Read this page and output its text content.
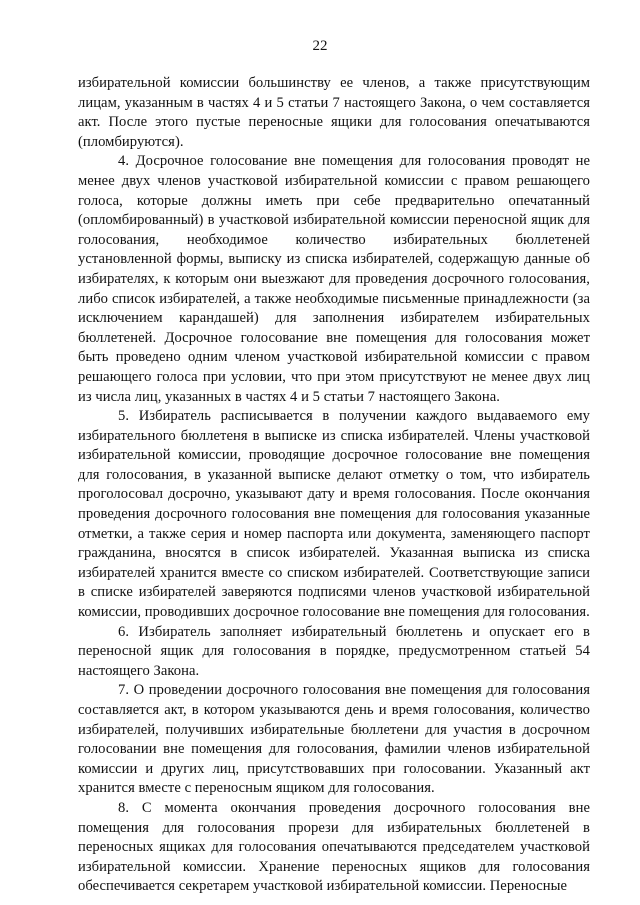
22

избирательной комиссии большинству ее членов, а также присутствующим лицам, указанным в частях 4 и 5 статьи 7 настоящего Закона, о чем составляется акт. После этого пустые переносные ящики для голосования опечатываются (пломбируются).

4. Досрочное голосование вне помещения для голосования проводят не менее двух членов участковой избирательной комиссии с правом решающего голоса, которые должны иметь при себе предварительно опечатанный (опломбированный) в участковой избирательной комиссии переносной ящик для голосования, необходимое количество избирательных бюллетеней установленной формы, выписку из списка избирателей, содержащую данные об избирателях, к которым они выезжают для проведения досрочного голосования, либо список избирателей, а также необходимые письменные принадлежности (за исключением карандашей) для заполнения избирателем избирательных бюллетеней. Досрочное голосование вне помещения для голосования может быть проведено одним членом участковой избирательной комиссии с правом решающего голоса при условии, что при этом присутствуют не менее двух лиц из числа лиц, указанных в частях 4 и 5 статьи 7 настоящего Закона.

5. Избиратель расписывается в получении каждого выдаваемого ему избирательного бюллетеня в выписке из списка избирателей. Члены участковой избирательной комиссии, проводящие досрочное голосование вне помещения для голосования, в указанной выписке делают отметку о том, что избиратель проголосовал досрочно, указывают дату и время голосования. После окончания проведения досрочного голосования вне помещения для голосования указанные отметки, а также серия и номер паспорта или документа, заменяющего паспорт гражданина, вносятся в список избирателей. Указанная выписка из списка избирателей хранится вместе со списком избирателей. Соответствующие записи в списке избирателей заверяются подписями членов участковой избирательной комиссии, проводивших досрочное голосование вне помещения для голосования.

6. Избиратель заполняет избирательный бюллетень и опускает его в переносной ящик для голосования в порядке, предусмотренном статьей 54 настоящего Закона.

7. О проведении досрочного голосования вне помещения для голосования составляется акт, в котором указываются день и время голосования, количество избирателей, получивших избирательные бюллетени для участия в досрочном голосовании вне помещения для голосования, фамилии членов избирательной комиссии и других лиц, присутствовавших при голосовании. Указанный акт хранится вместе с переносным ящиком для голосования.

8. С момента окончания проведения досрочного голосования вне помещения для голосования прорези для избирательных бюллетеней в переносных ящиках для голосования опечатываются председателем участковой избирательной комиссии. Хранение переносных ящиков для голосования обеспечивается секретарем участковой избирательной комиссии. Переносные
